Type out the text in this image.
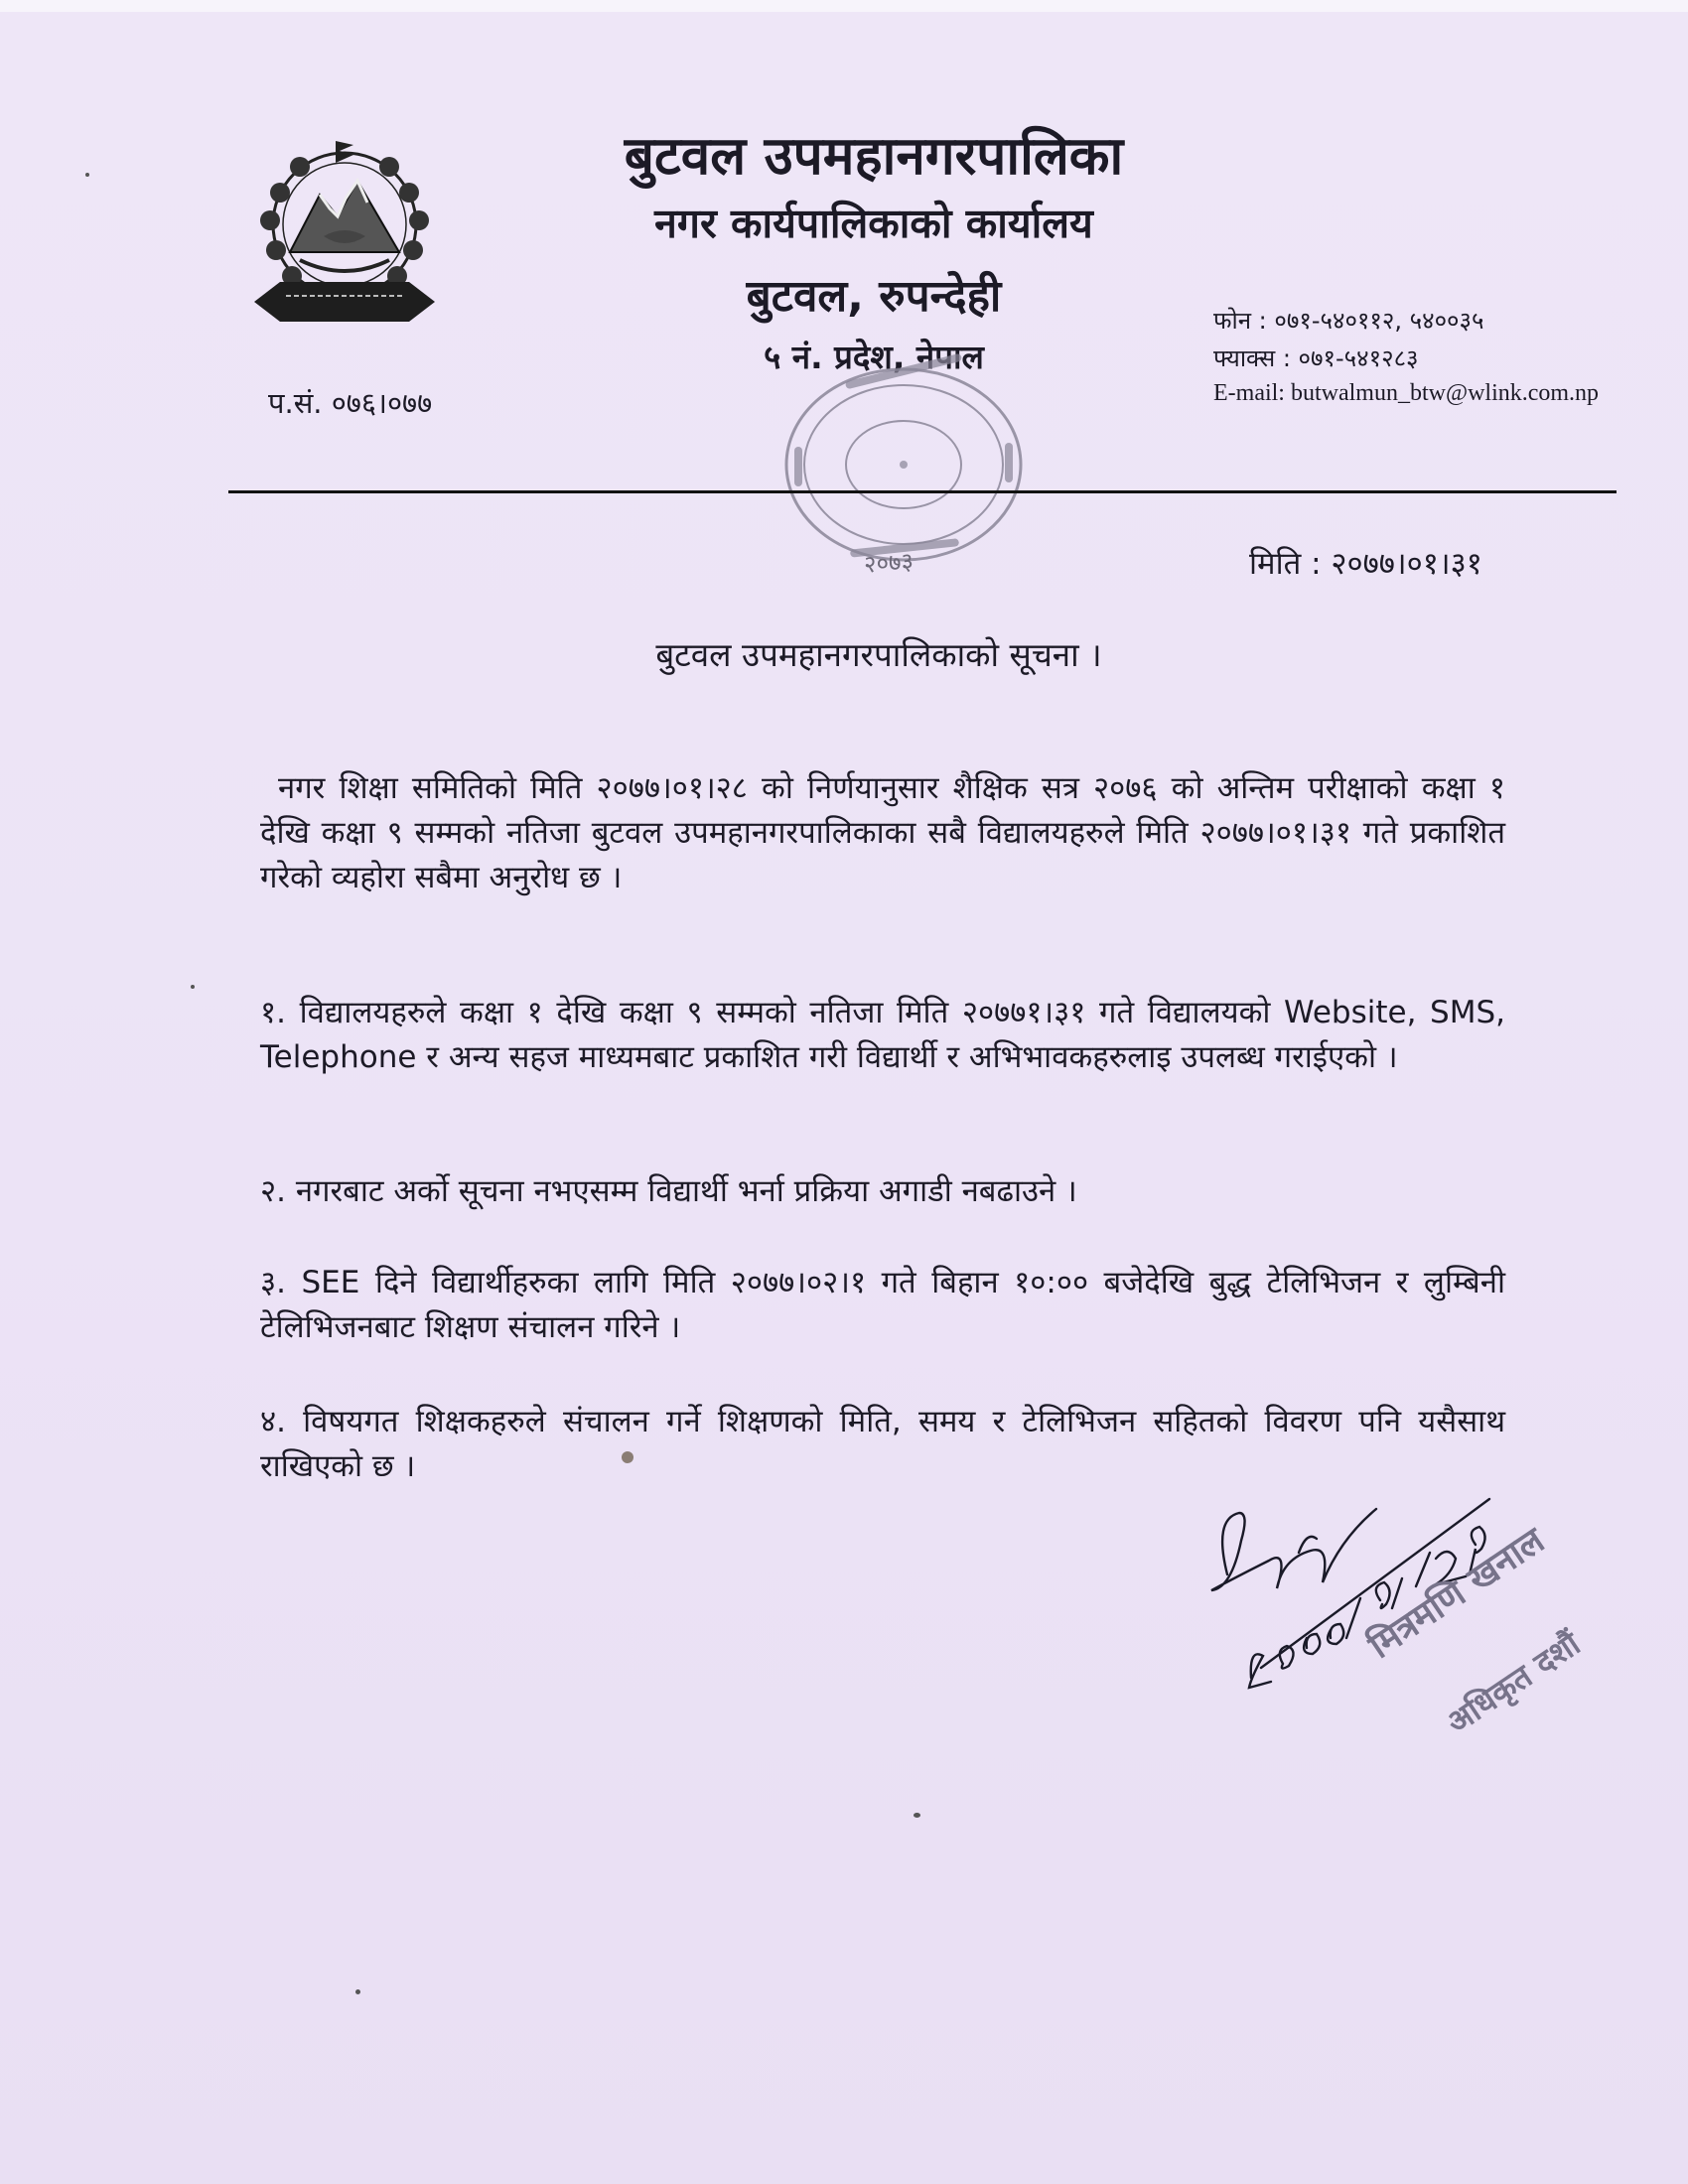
बुटवल उपमहानगरपालिका
नगर कार्यपालिकाको कार्यालय
बुटवल, रुपन्देही
५ नं. प्रदेश, नेपाल
२०७३
फोन : ०७१-५४०११२, ५४००३५
फ्याक्स : ०७१-५४१२८३
E-mail: butwalmun_btw@wlink.com.np
प.सं. ०७६।०७७
मिति : २०७७।०१।३१
बुटवल उपमहानगरपालिकाको सूचना ।
नगर शिक्षा समितिको मिति २०७७।०१।२८ को निर्णयानुसार शैक्षिक सत्र २०७६ को अन्तिम परीक्षाको कक्षा १ देखि कक्षा ९ सम्मको नतिजा बुटवल उपमहानगरपालिकाका सबै विद्यालयहरुले मिति २०७७।०१।३१ गते प्रकाशित गरेको व्यहोरा सबैमा अनुरोध छ ।
१. विद्यालयहरुले कक्षा १ देखि कक्षा ९ सम्मको नतिजा मिति २०७७१।३१ गते विद्यालयको Website, SMS, Telephone र अन्य सहज माध्यमबाट प्रकाशित गरी विद्यार्थी र अभिभावकहरुलाइ उपलब्ध गराईएको ।
२. नगरबाट अर्को सूचना नभएसम्म विद्यार्थी भर्ना प्रक्रिया अगाडी नबढाउने ।
३. SEE दिने विद्यार्थीहरुका लागि मिति २०७७।०२।१ गते बिहान १०:०० बजेदेखि बुद्ध टेलिभिजन र लुम्बिनी टेलिभिजनबाट शिक्षण संचालन गरिने ।
४. विषयगत शिक्षकहरुले संचालन गर्ने शिक्षणको मिति, समय र टेलिभिजन सहितको विवरण पनि यसैसाथ राखिएको छ ।
मित्रमणि खनाल
अधिकृत दशौं
